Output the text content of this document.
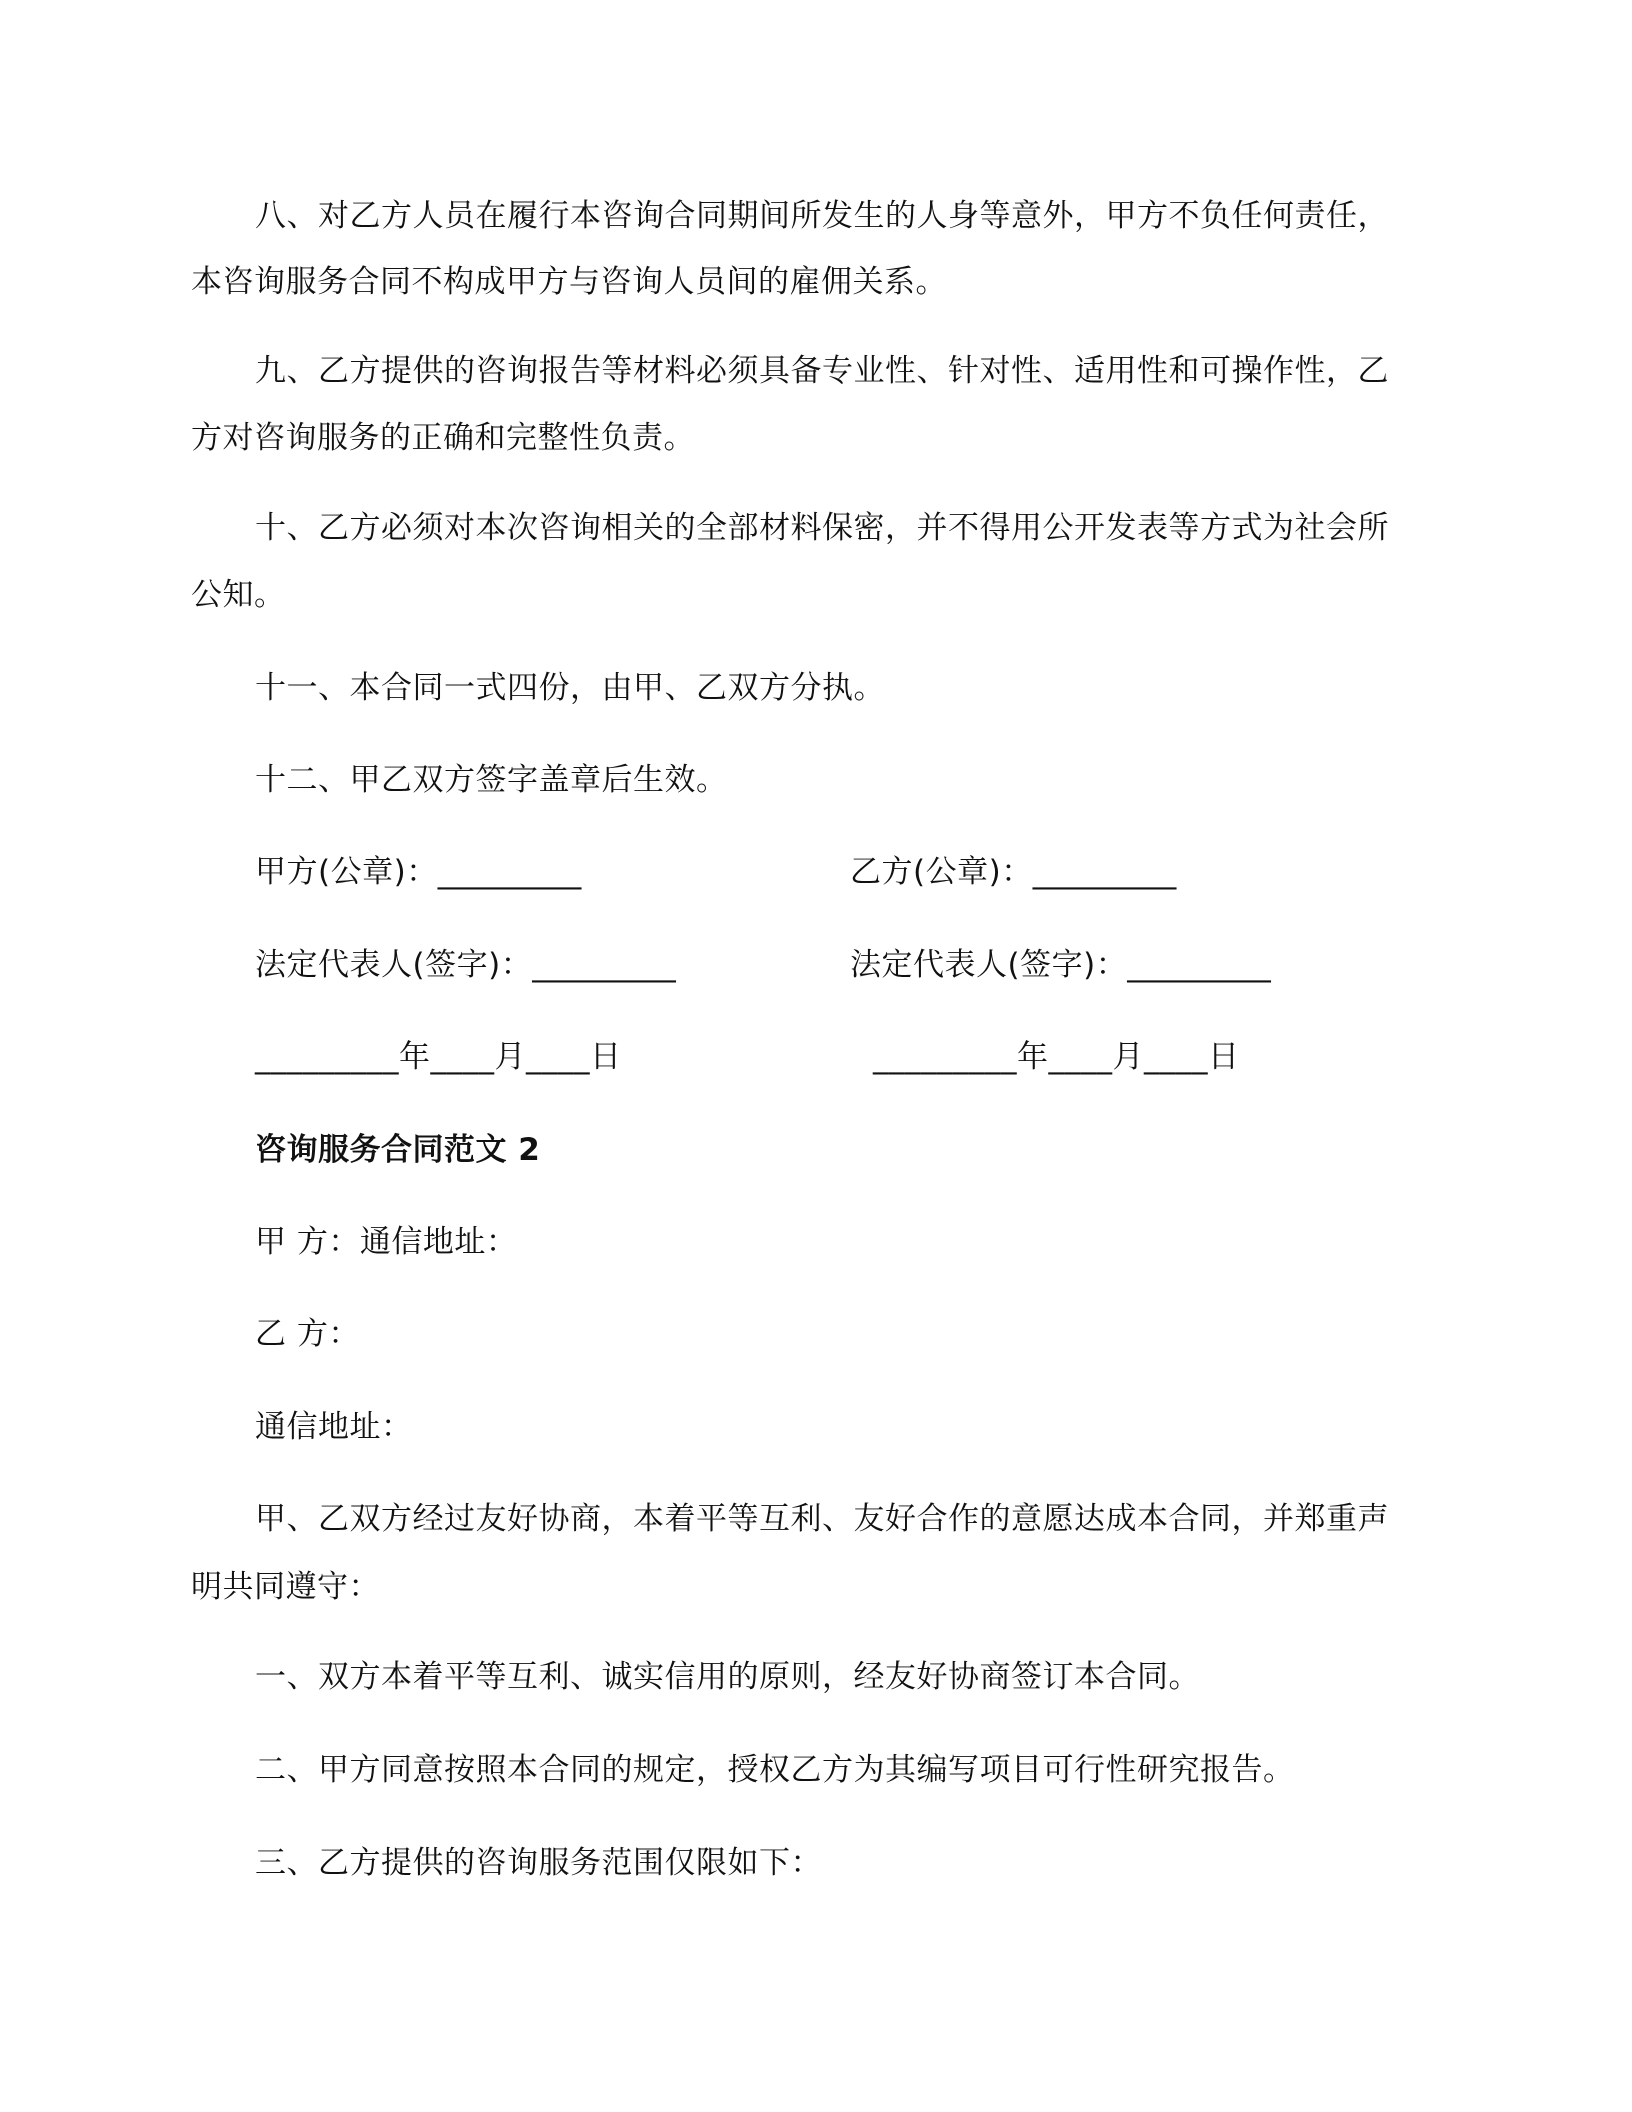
八、对乙方人员在履行本咨询合同期间所发生的人身等意外，甲方不负任何责任，
本咨询服务合同不构成甲方与咨询人员间的雇佣关系。
九、乙方提供的咨询报告等材料必须具备专业性、针对性、适用性和可操作性，乙
方对咨询服务的正确和完整性负责。
十、乙方必须对本次咨询相关的全部材料保密，并不得用公开发表等方式为社会所
公知。
十一、本合同一式四份，由甲、乙双方分执。
十二、甲乙双方签字盖章后生效。
甲方(公章)：_________	乙方(公章)：_________
法定代表人(签字)：_________	法定代表人(签字)：_________
_________年____月____日	_________年____月____日
咨询服务合同范文 2
甲 方：通信地址：
乙 方：
通信地址：
甲、乙双方经过友好协商，本着平等互利、友好合作的意愿达成本合同，并郑重声
明共同遵守：
一、双方本着平等互利、诚实信用的原则，经友好协商签订本合同。
二、甲方同意按照本合同的规定，授权乙方为其编写项目可行性研究报告。
三、乙方提供的咨询服务范围仅限如下：
